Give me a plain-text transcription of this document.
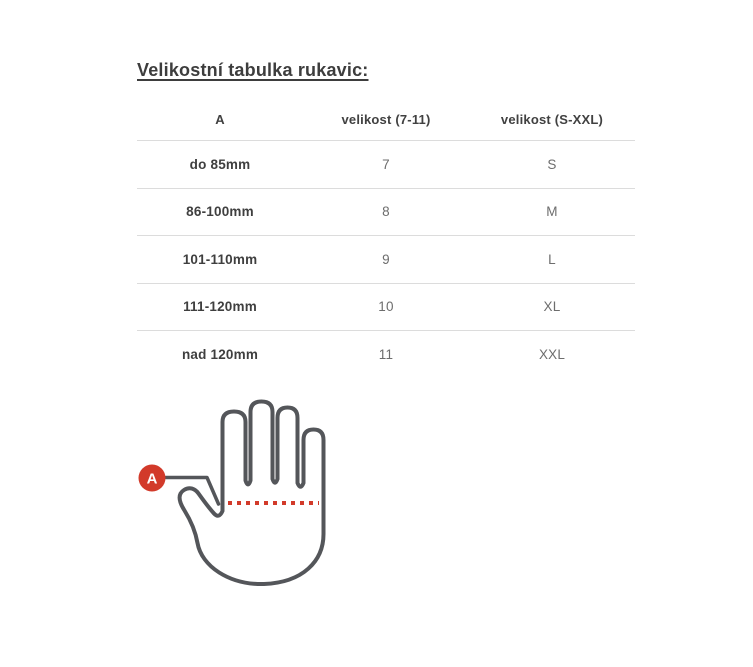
Velikostní tabulka rukavic:
A	velikost (7-11)	velikost (S-XXL)
do 85mm	7	S
86-100mm	8	M
101-110mm	9	L
111-120mm	10	XL
nad 120mm	11	XXL
A
